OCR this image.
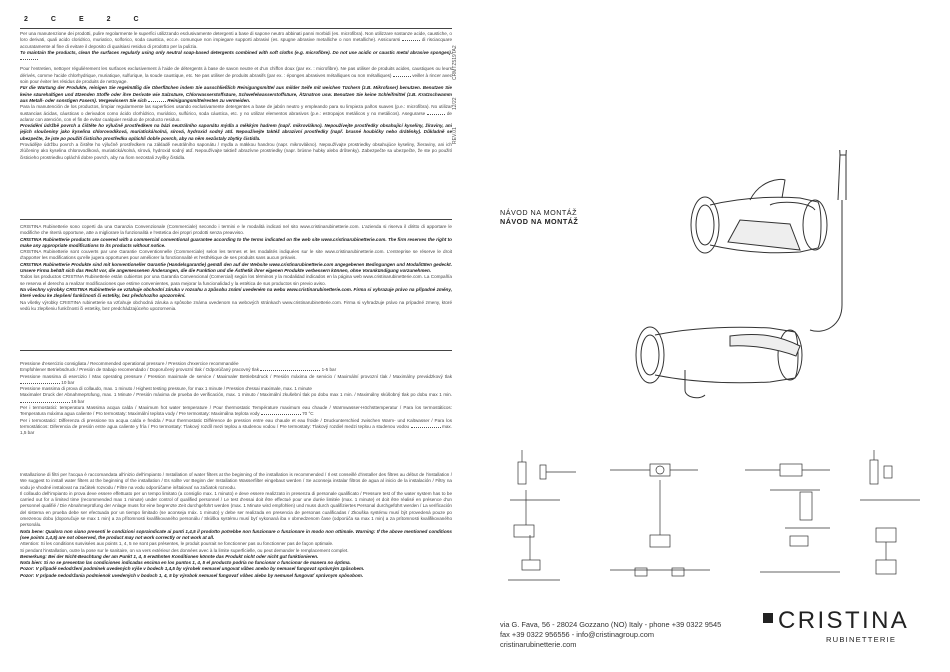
2	C	E	2	C
CRMTZ519TA2
12/22
REV.01

Per una manutenzione dei prodotti, pulire regolarmente le superfici utilizzando esclusivamente detergenti a base di sapone neutro abbinati panni morbidi (es. microfibra). Non utilizzare sostanze acide, caustiche, o loro derivati, quali acido cloridrico, muriatico, solforico, soda caustica, ecc.e. comunque non impiegare supporti abrasivi (es. spugne abrasive metalliche o non metalliche). Assicurarsi	di risciacquare accuratamente al fine di evitare il deposito di qualsiasi residuo di prodotto per la pulizia.

To maintain the products, clean the surfaces regularly using only neutral soap-based detergents combined with soft cloths (e.g. microfibre). Do not use acidic or caustic metal abrasive sponges).

Pour l'entretien, nettoyer régulièrement les surfaces exclusivement à l'aide de détergents à base de savon neutre et d'un chiffon doux (par ex. : microfibre). Ne pas utiliser de produits acides, caustiques ou leurs dérivés, comme l'acide chlorhydrique, muriatique, sulfurique, la soude caustique, etc. Ne pas utiliser de produits abrasifs (par ex. : éponges abrasives métalliques ou non métalliques)	veiller à rincer avec soin pour éviter les résidus de produits de nettoyage.

Für die Wartung der Produkte, reinigen Sie regelmäßig die Oberflächen indem Sie ausschließlich Reinigungsmittel aus milder Seife mit weichen Tüchern (z.B. Mikrofaser) benutzen. Benutzen Sie keine säurehaltigen und ätzenden Stoffe oder ihre Derivate wie Salzsäure, Chlorwasserstoffsäure, Schwefelwasserstoffsäure, Ätznatron usw. Benutzen Sie keine Schleifmittel (z.B. Kratzschwamm aus Metall- oder sonstigen Fasern). Vergewissern Sie sich	Reinigungsmittelresten zu vermeiden.

Para la manutención de los productos, limpiar regularmente las superficies usando exclusivamente detergentes a base de jabón neutro y empleando para su limpieza paños suaves (p.e.: microfibra). No utilizar sustancias ácidas, cáusticas o derivados como ácido clorhídrico, muriático, sulfúrico, soda cáustica, etc. y no utilizar elementos abrasivos (p.e.: estropajos metálicos y no metálicos). Asegurarse	de aclarar con atención, con el fin de evitar cualquier residuo de producto residuo.

Provádění údržbě povrch a čištěte ho výlučně prostředkem na bázi neutrálního saponátu mýdla a měkkým hadrem (např. mikrovlákno). Nepoužívejte prostředky obsahující kyseliny, žíraviny, ani jejich sloučeniny jako kyselina chlorovodíková, muriatická/solná, sírová, hydroxid sodný atd. Nepoužívejte taktéž abrazivní prostředky (např. brusné houbičky nebo drátěnky). Důkladně se ubezpečte, že jste po použití čisticího prostředku opláchli dobře povrch, aby na něm nezůstaly zbytky čistidla.

Provádějte údržbu povrch a čistěte ho výlučně prostředkem na základě neutrálního saponátu / mydla a mäkkou handrou (napr. mikrovlákno). Nepoužívajte prostriedky obsahujúce kyseliny, žieraviny, ani ich zlúčeniny ako kyselina chlorovodíková, muriatická/solná, sírová, hydroxid sodný atď. Nepoužívajte taktiež abrazívne prostriedky (napr. brúsne hubky alebo drôtenky). Zabezpečte sa ubezpečte, že ste po použití čisticieho prostriedku opláchli dobre povrch, aby na ňom nezostali zvyšky čistidla.

CRISTINA Rubinetterie sono coperti da una Garanzia Convenzionale (Commerciale) secondo i termini e le modalità indicati nel sito www.cristinarubinetterie.com. L'azienda si riserva il diritto di apportare le modifiche che riterrà opportune, atte a migliorare la funzionalità e l'estetica dei propri prodotti senza preavviso.

CRISTINA Rubinetterie products are covered with a commercial conventional guarantee according to the terms indicated on the web site www.cristinarubinetterie.com. The firm reserves the right to make any appropriate modifications to its products without notice.

CRISTINA Rubinetterie sont couverts par une Garantie Conventionnelle (Commerciale) selon les termes et les modalités indiquées sur le site www.cristinarubinetterie.com. L'entreprise se réserve le droit d'apporter les modifications qu'elle jugera opportunes pour améliorer la fonctionnalité et l'esthétique de ses produits sans aucun préavis.

CRISTINA Rubinetterie Produkte sind mit konventioneller Garantie (Handelsgarantie) gemäß den auf der Website www.cristinarubinetterie.com angegebenen Bedingungen und Modalitäten gedeckt. Unsere Firma behält sich das Recht vor, die angemessenen Änderungen, die die Funktion und die Ästhetik ihrer eigenen Produkte verbessern können, ohne Vorankündigung vorzunehmen.

Todos los productos CRISTINA Rubinetterie están cubiertos por una Garantía Convencional (Comercial) según los términos y la modalidad indicados en la página web www.cristinarubinetterie.com. La Compañía se reserva el derecho a realizar modificaciones que estime convenientes, para mejorar la funcionalidad y la estética de sus productos sin previo aviso.

Na všechny výrobky CRISTINA Rubinetterie se vztahuje obchodní záruka v rozsahu a způsobu známí uvedeném na webu www.cristinarubinetterie.com. Firma si vyhrazuje právo na případné změny, které vedou ke zlepšení funkčnosti či estetiky, bez předchozího upozornění.

Na všetky výrobky CRISTINA rubinetterie sa vzťahuje obchodná záruka a spôsobe známa uvedenom na webových stránkach www.cristinarubinetterie.com. Firma si vyhradzuje právo na prípadné zmeny, ktoré vedú ku zlepšeniu funkčnosti či estetiky, bez predchádzajúceho upozornenia.

Pressione d'esercizio consigliata / Recommended operational pressure / Pression d'exercice recommandée

Empfohlener Betriebsdruck / Presión de trabajo recomendado / Doporučený provozní tlak / Odporúčaný pracovný tlak	1-5 bar

Pressione massima di esercizio / Max operating pressure / Pression maximale de service / Maximaler Betriebsdruck / Presión máxima de servicio / Maximální provozní tlak / Maximálny prevádzkový tlak  10 bar

Pressione massima di prova di collaudo, max. 1 minuto / Highest testing pressure, for max 1 minute / Pression d'essai maximale, max. 1 minute

Maximaler Druck der Abnahmeprüfung, max. 1 Minute / Presión máxima de prueba de verificación, max. 1 minuto / Maximální zkušební tlak po dobu max 1 min. / Maximálny skúšobný tlak po dobu max 1 min.  16 bar

Per i termostatici: temperatura Massima acqua calda / Maximum hot water temperature / Pour thermostatic Température maximum eau chaude / Warmwasser-Höchsttemperatur / Para los termostáticos: Temperatura máxima agua caliente / Pro termostaty: Maximální teplota vody / Pre termostaty: Maximálna teplota vody	70 °C

Per i termostatici: Differenza di pressione tra acqua calda e fredda / Pour thermostatic Différence de pression entre eau chaude et eau froide / Druckunterschied zwischen Warm- und Kaltwasser / Para los termostáticos: Diferencia de presión entre agua caliente y fría / Pro termostaty: Tlakový rozdíl mezi teplou a studenou vodou / Pre termostaty: Tlakový rozdiel medzi teplou a studenou vodou	max. 1,5 bar

Installazione di filtri per l'acqua è raccomandata all'inizio dell'impianto / Installation of water filters at the beginning of the installation is recommended / Il est conseillé d'installer des filtres au début de l'installation / We suggest to install water filters at the beginning of the installation / Es sollte vor Beginn der Installation Wasserfilter eingebaut werden / Se aconseja instalar filtros de agua al inicio de la instalación / Filtry na vodu je vhodné instalovat na začátek rozvodu / Filtre na vodu odporúčame inštalovať na začiatok rozvodu.

Il collaudo dell'impianto in prova deve essere effettuato per un tempo limitato (a consiglio max. 1 minuto) e deve essere realizzato in presenza di personale qualificato / Pressure test of the water system has to be carried out for a limited time (recommended max 1 minute) under control of qualified personnel / Le test d'essai doit être effectué pour une durée limitée (max. 1 minute) et doit être réalisé en présence d'un personnel qualifié / Die Abnahmeprüfung der Anlage muss für eine begrenzte Zeit durchgeführt werden (max. 1 Minute wird empfohlen) und muss durch qualifiziertes Personal durchgeführt werden / La verificación del sistema en prueba debe ser efectuada por un tiempo limitado (se aconseja máx. 1 minuto) y debe ser realizada en presencia de personas cualificadas / Zkouška systému musí být provedená pouze po omezenou dobu (doporučuje se max 1 min) a za přítomnosti kvalifikovaného personálu / Skúška systému musí byť vykonaná iba v obmedzenom čase (odporúča sa max 1 min) a za prítomnosti kvalifikovaného personálu.

Nota bene: Qualora non siano presenti le condizioni sopraindicate ai punti 1,4,5 il prodotto potrebbe non funzionare o funzionare in modo non ottimale. Warning: If the above mentioned conditions (see points 1,4,5) are not observed, the product may not work correctly or not work at all.

Attention: Si les conditions susvisées aux points 1, 4, 5 ne sont pas présentes, le produit pourrait ne fonctionner pas ou fonctionner pas de façon optimale.

Si pendant l'installation, outre la pose sur le sanitaire, on va vers extérieur des données avec à la limite superficielle, ou peut demander le remplacement complet.

Bemerkung: Bei der Nicht-Beachtung der am Punkt 1, 4, 5 erwähnten Konditionen könnte das Produkt nicht oder nicht gut funktionieren.

Nota bien: Si no se presentan las condiciones indicadas encima en los puntos 1, 4, 5 el producto podría no funcionar o funcionar de manera no óptima.

Pozor: V případě nedodržení podmínek uvedených výše v bodech 1,4,5 by výrobek nemusel ungovat vůbec anebo by nemusel fungovat správným způsobem.

Pozor: V prípade nedodržania podmienok uvedených v bodoch 1, 4, 5 by výrobok nemusel fungovať vôbec alebo by nemusel fungovať správnym spôsobom.

NÁVOD NA MONTÁŽ
NÁVOD NA MONTÁŽ
via G. Fava, 56 - 28024 Gozzano (NO) Italy - phone +39 0322 9545
fax +39 0322 956556 - info@cristinagroup.com
cristinarubinetterie.com
CRISTINA
RUBINETTERIE
